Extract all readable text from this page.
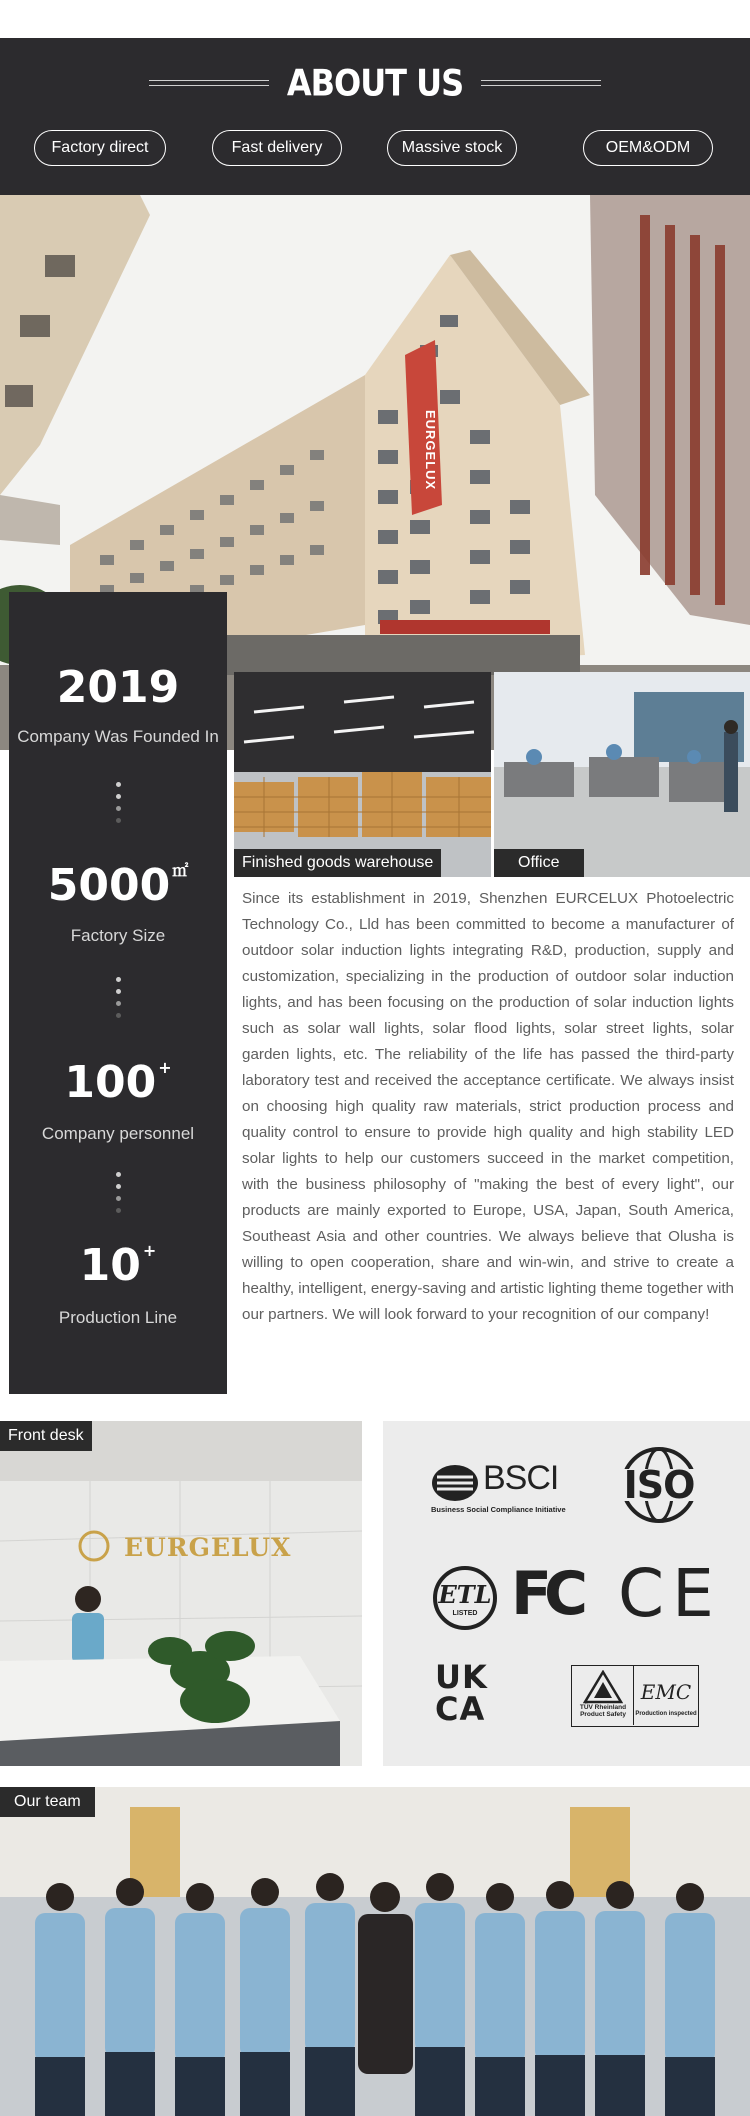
ABOUT US
Factory direct	Fast delivery	Massive stock	OEM&ODM
EURGELUX
2019
Company Was Founded In
5000 ㎡
Factory Size
100 +
Company personnel
10 +
Production Line
Finished goods warehouse	Office
Since its establishment in 2019, Shenzhen EURCELUX Photoelectric Technology Co., Lld has been committed to become a manufacturer of outdoor solar induction lights integrating R&D, production, supply and customization, specializing in the production of outdoor solar induction lights, and has been focusing on the production of solar induction lights such as solar wall lights, solar flood lights, solar street lights, solar garden lights, etc. The reliability of the life has passed the third-party laboratory test and received the acceptance certificate. We always insist on choosing high quality raw materials, strict production process and quality control to ensure to provide high quality and high stability LED solar lights to help our customers succeed in the market competition, with the business philosophy of "making the best of every light", our products are mainly exported to Europe, USA, Japan, South America, Southeast Asia and other countries. We always believe that Olusha is willing to open cooperation, share and win-win, and strive to create a healthy, intelligent, energy-saving and artistic lighting theme together with our partners. We will look forward to your recognition of our company!
EURGELUX
Front desk
BSCI
Business Social Compliance Initiative
ISO
ETL
LISTED FC CE
UK
CA	TÜV Rheinland Product Safety
EMC
Production inspected
Our team
